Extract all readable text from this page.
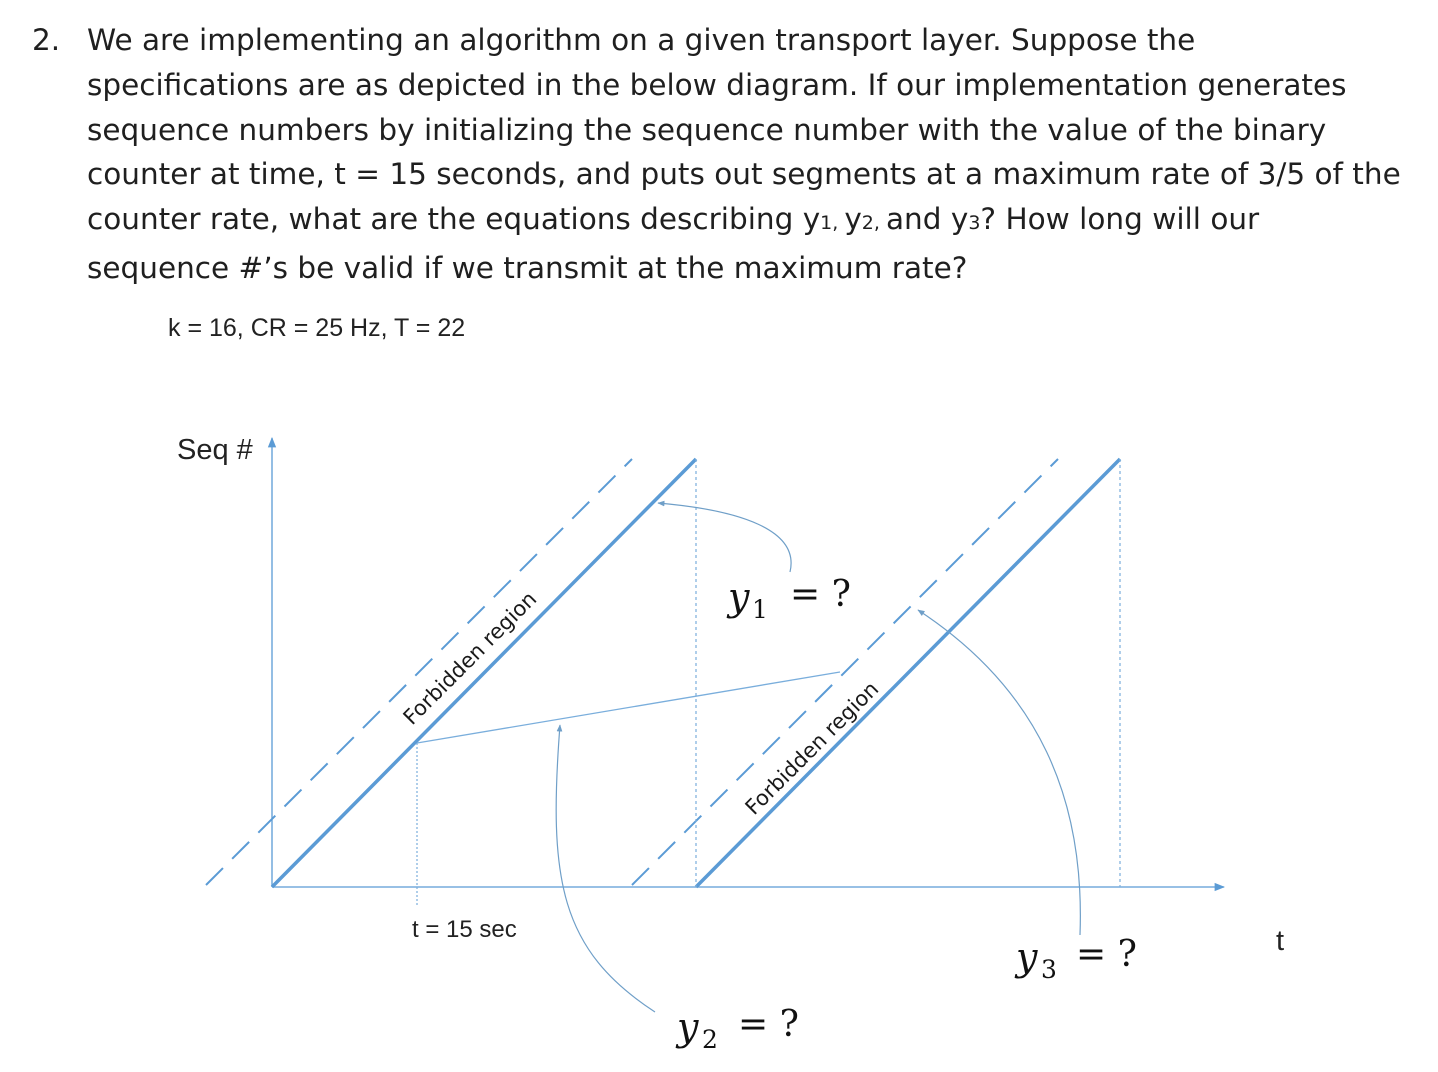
2. We are implementing an algorithm on a given transport layer. Suppose the
specifications are as depicted in the below diagram. If our implementation generates
sequence numbers by initializing the sequence number with the value of the binary
counter at time, t = 15 seconds, and puts out segments at a maximum rate of 3/5 of the
counter rate, what are the equations describing y1, y2, and y3? How long will our
sequence #’s be valid if we transmit at the maximum rate?
k = 16, CR = 25 Hz, T = 22
Seq #
t
t = 15 sec
Forbidden region
Forbidden region
y 1 = ?
y 2 = ?
y 3 = ?
